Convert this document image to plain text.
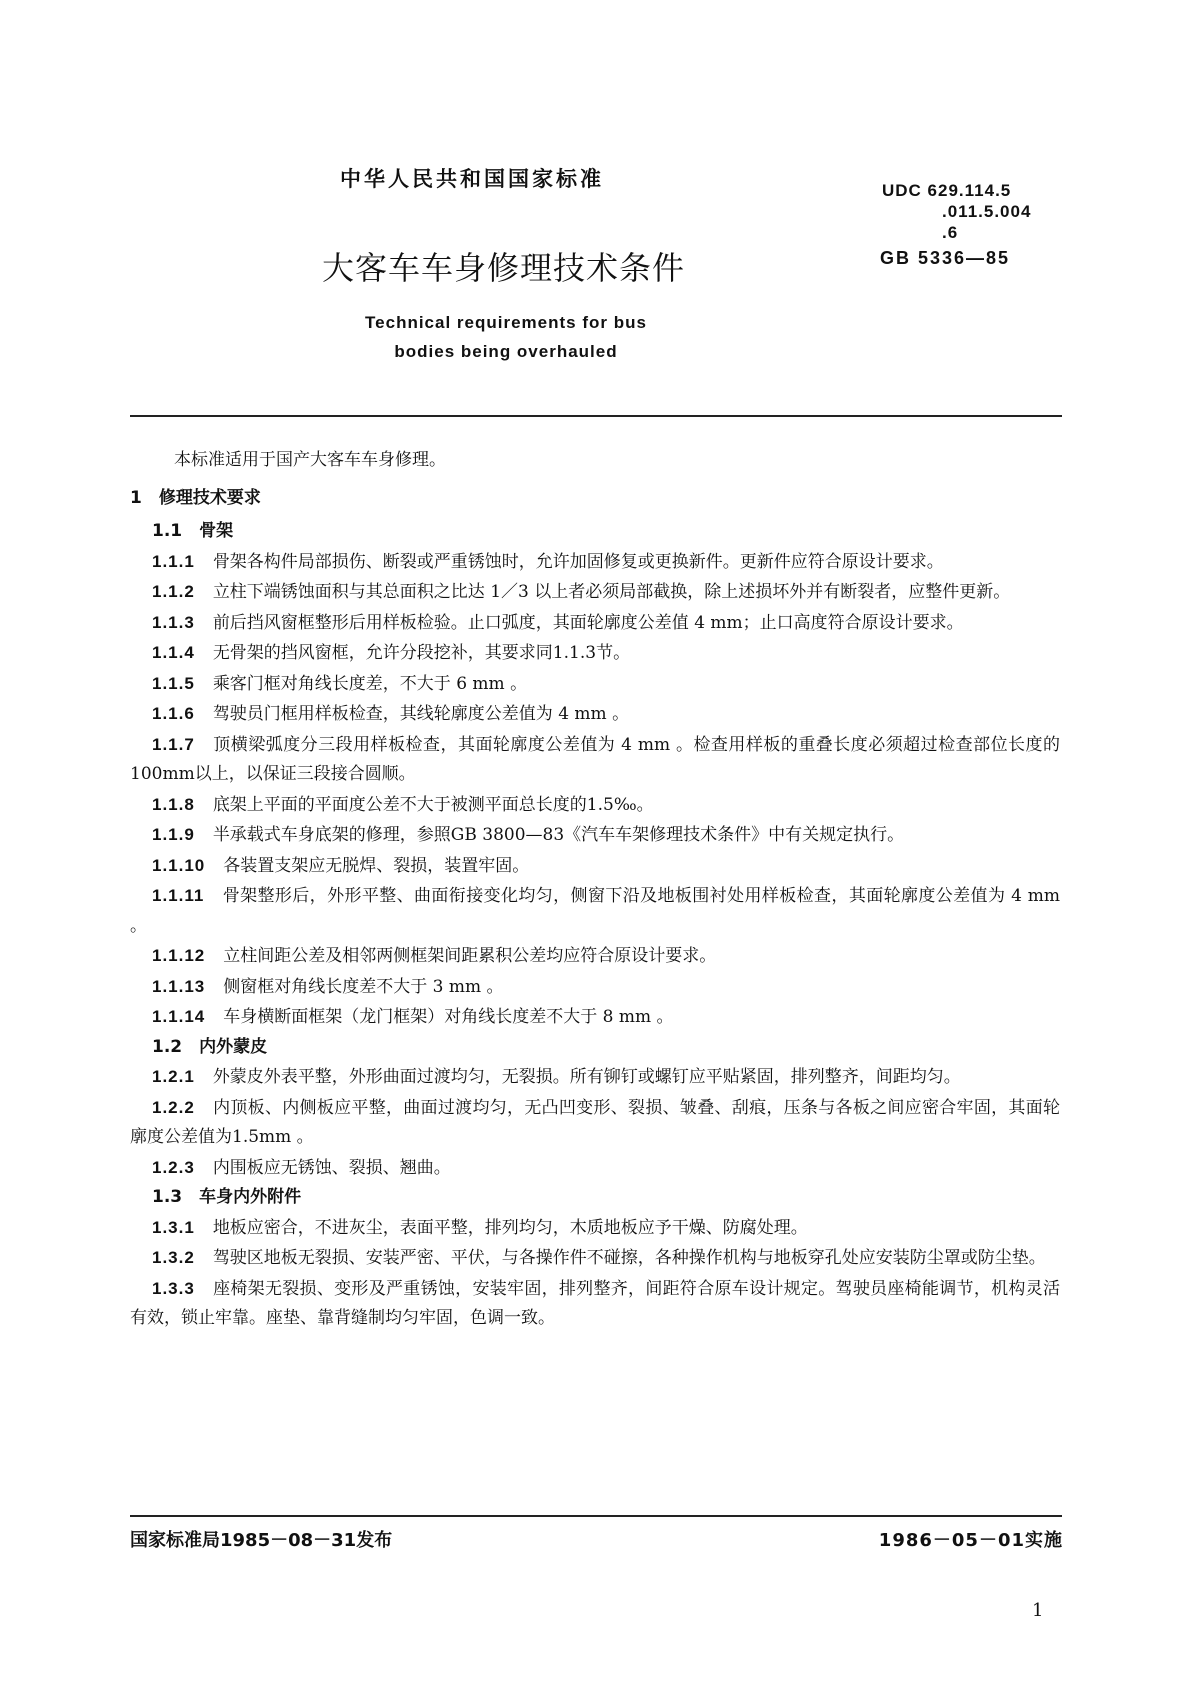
中华人民共和国国家标准	UDC 629.114.5
.011.5.004
.6
GB 5336—85
大客车车身修理技术条件
Technical requirements for bus
bodies being overhauled

本标准适用于国产大客车车身修理。

1　修理技术要求
1.1　骨架

1.1.1 骨架各构件局部损伤、断裂或严重锈蚀时，允许加固修复或更换新件。更新件应符合原设计要求。

1.1.2 立柱下端锈蚀面积与其总面积之比达 1／3 以上者必须局部截换，除上述损坏外并有断裂者，应整件更新。

1.1.3 前后挡风窗框整形后用样板检验。止口弧度，其面轮廓度公差值 4 mm；止口高度符合原设计要求。

1.1.4 无骨架的挡风窗框，允许分段挖补，其要求同1.1.3节。

1.1.5 乘客门框对角线长度差，不大于 6 mm 。

1.1.6 驾驶员门框用样板检查，其线轮廓度公差值为 4 mm 。

1.1.7 顶横梁弧度分三段用样板检查，其面轮廓度公差值为 4 mm 。检查用样板的重叠长度必须超过检查部位长度的100mm以上，以保证三段接合圆顺。

1.1.8 底架上平面的平面度公差不大于被测平面总长度的1.5‰。

1.1.9 半承载式车身底架的修理，参照GB 3800—83《汽车车架修理技术条件》中有关规定执行。

1.1.10 各装置支架应无脱焊、裂损，装置牢固。

1.1.11 骨架整形后，外形平整、曲面衔接变化均匀，侧窗下沿及地板围衬处用样板检查，其面轮廓度公差值为 4 mm 。

1.1.12 立柱间距公差及相邻两侧框架间距累积公差均应符合原设计要求。

1.1.13 侧窗框对角线长度差不大于 3 mm 。

1.1.14 车身横断面框架（龙门框架）对角线长度差不大于 8 mm 。

1.2　内外蒙皮

1.2.1 外蒙皮外表平整，外形曲面过渡均匀，无裂损。所有铆钉或螺钉应平贴紧固，排列整齐，间距均匀。

1.2.2 内顶板、内侧板应平整，曲面过渡均匀，无凸凹变形、裂损、皱叠、刮痕，压条与各板之间应密合牢固，其面轮廓度公差值为1.5mm 。

1.2.3 内围板应无锈蚀、裂损、翘曲。

1.3　车身内外附件

1.3.1 地板应密合，不进灰尘，表面平整，排列均匀，木质地板应予干燥、防腐处理。

1.3.2 驾驶区地板无裂损、安装严密、平伏，与各操作件不碰擦，各种操作机构与地板穿孔处应安装防尘罩或防尘垫。

1.3.3 座椅架无裂损、变形及严重锈蚀，安装牢固，排列整齐，间距符合原车设计规定。驾驶员座椅能调节，机构灵活有效，锁止牢靠。座垫、靠背缝制均匀牢固，色调一致。

国家标准局1985－08－31发布	1986－05－01实施
1
